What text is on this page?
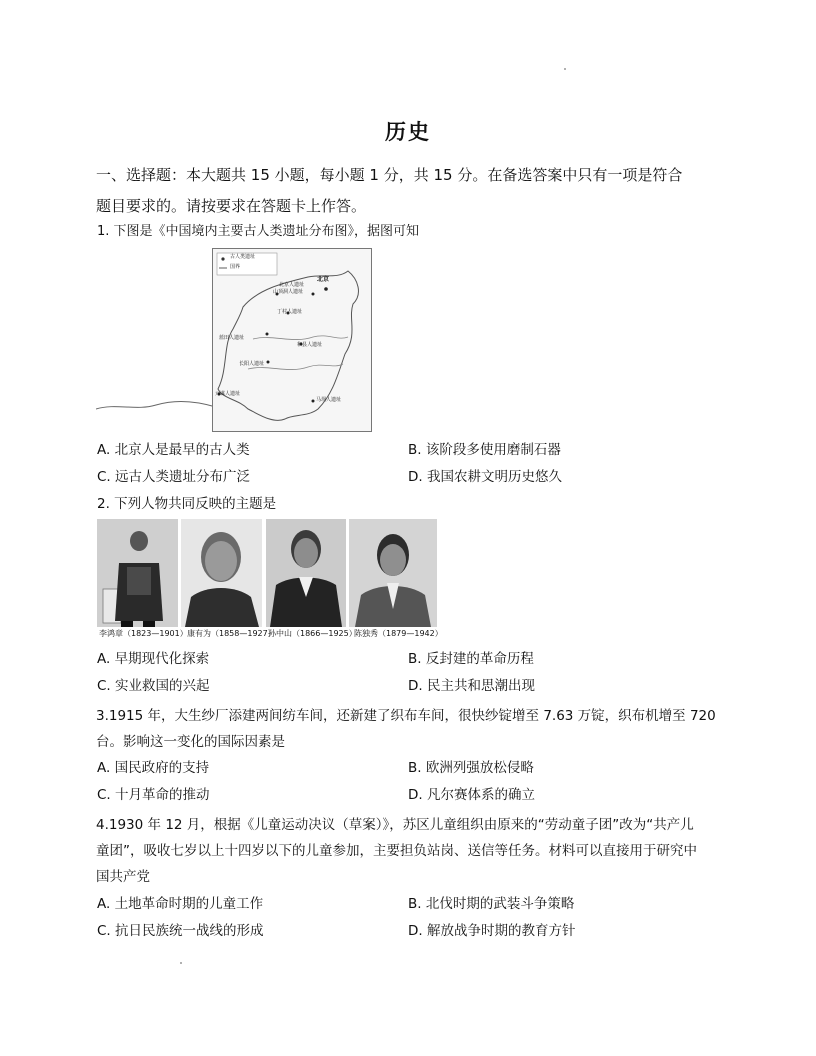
历史
一、选择题：本大题共 15 小题，每小题 1 分，共 15 分。在备选答案中只有一项是符合
题目要求的。请按要求在答题卡上作答。
1. 下图是《中国境内主要古人类遗址分布图》，据图可知
古人类遗址
国界
北京
北京人遗址
山顶洞人遗址
丁村人遗址
蓝田人遗址
和县人遗址
长阳人遗址
元谋人遗址
马坝人遗址
A. 北京人是最早的古人类	B. 该阶段多使用磨制石器
C. 远古人类遗址分布广泛	D. 我国农耕文明历史悠久
2. 下列人物共同反映的主题是
李鸿章（1823—1901） 康有为（1858—1927）
孙中山（1866—1925）
陈独秀（1879—1942）
A. 早期现代化探索	B. 反封建的革命历程
C. 实业救国的兴起	D. 民主共和思潮出现
3.1915 年，大生纱厂添建两间纺车间，还新建了织布车间，很快纱锭增至 7.63 万锭，织布机增至 720
台。影响这一变化的国际因素是
A. 国民政府的支持	B. 欧洲列强放松侵略
C. 十月革命的推动	D. 凡尔赛体系的确立
4.1930 年 12 月，根据《儿童运动决议（草案）》，苏区儿童组织由原来的“劳动童子团”改为“共产儿
童团”，吸收七岁以上十四岁以下的儿童参加，主要担负站岗、送信等任务。材料可以直接用于研究中
国共产党
A. 土地革命时期的儿童工作	B. 北伐时期的武装斗争策略
C. 抗日民族统一战线的形成	D. 解放战争时期的教育方针
